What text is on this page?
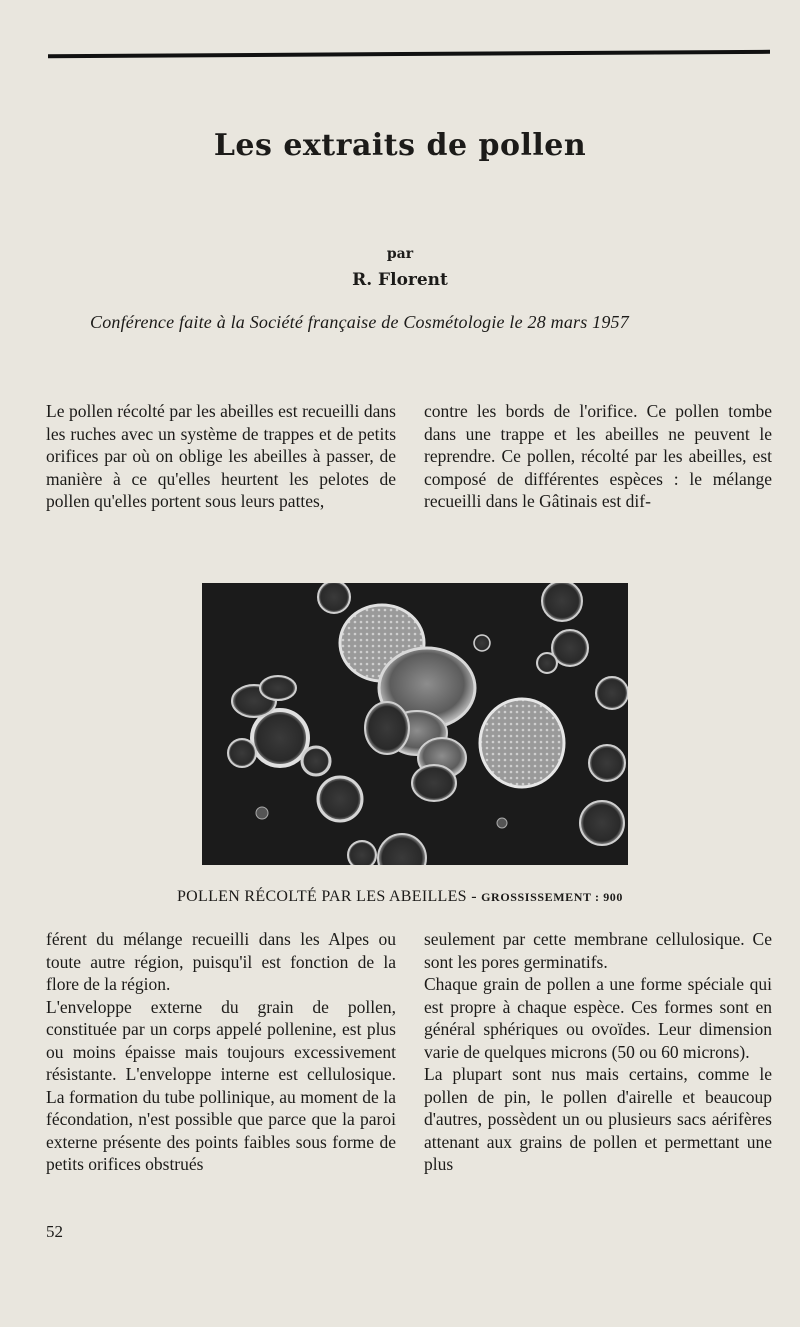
Les extraits de pollen
par
R. Florent
Conférence faite à la Société française de Cosmétologie le 28 mars 1957

Le pollen récolté par les abeilles est recueilli dans les ruches avec un système de trappes et de petits orifices par où on oblige les abeilles à passer, de manière à ce qu'elles heurtent les pelotes de pollen qu'elles portent sous leurs pattes,

contre les bords de l'orifice. Ce pollen tombe dans une trappe et les abeilles ne peuvent le reprendre. Ce pollen, récolté par les abeilles, est composé de différentes espèces : le mélange recueilli dans le Gâtinais est dif-

POLLEN RÉCOLTÉ PAR LES ABEILLES - GROSSISSEMENT : 900

férent du mélange recueilli dans les Alpes ou toute autre région, puisqu'il est fonction de la flore de la région.

L'enveloppe externe du grain de pollen, constituée par un corps appelé pollenine, est plus ou moins épaisse mais toujours excessivement résistante. L'enveloppe interne est cellulosique. La formation du tube pollinique, au moment de la fécondation, n'est possible que parce que la paroi externe présente des points faibles sous forme de petits orifices obstrués

seulement par cette membrane cellulosique. Ce sont les pores germinatifs.

Chaque grain de pollen a une forme spéciale qui est propre à chaque espèce. Ces formes sont en général sphériques ou ovoïdes. Leur dimension varie de quelques microns (50 ou 60 microns).

La plupart sont nus mais certains, comme le pollen de pin, le pollen d'airelle et beaucoup d'autres, possèdent un ou plusieurs sacs aérifères attenant aux grains de pollen et permettant une plus

52
